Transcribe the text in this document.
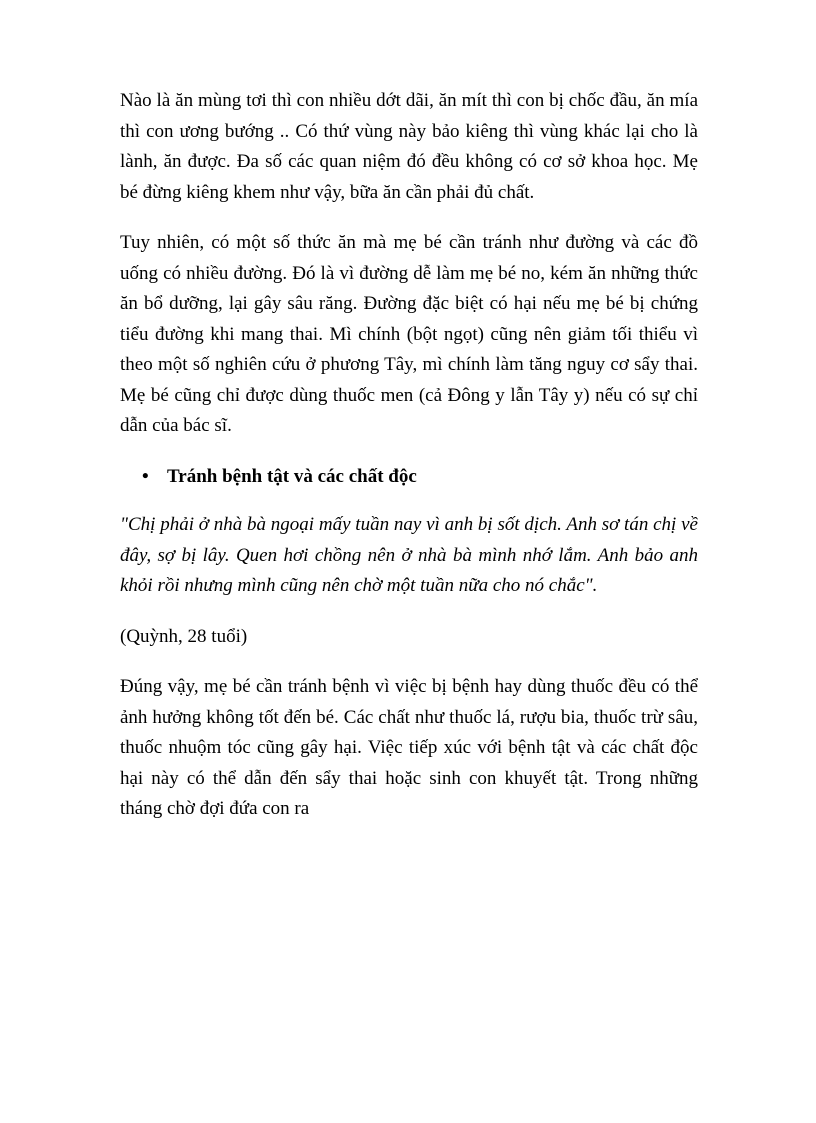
Nào là ăn mùng tơi thì con nhiều dớt dãi, ăn mít thì con bị chốc đầu, ăn mía thì con ương bướng .. Có thứ vùng này bảo kiêng thì vùng khác lại cho là lành, ăn được. Đa số các quan niệm đó đều không có cơ sở khoa học. Mẹ bé đừng kiêng khem như vậy, bữa ăn cần phải đủ chất.

Tuy nhiên, có một số thức ăn mà mẹ bé cần tránh như đường và các đồ uống có nhiều đường. Đó là vì đường dễ làm mẹ bé no, kém ăn những thức ăn bổ dưỡng, lại gây sâu răng. Đường đặc biệt có hại nếu mẹ bé bị chứng tiểu đường khi mang thai. Mì chính (bột ngọt) cũng nên giảm tối thiểu vì theo một số nghiên cứu ở phương Tây, mì chính làm tăng nguy cơ sẩy thai. Mẹ bé cũng chỉ được dùng thuốc men (cả Đông y lẫn Tây y) nếu có sự chỉ dẫn của bác sĩ.

• Tránh bệnh tật và các chất độc

"Chị phải ở nhà bà ngoại mấy tuần nay vì anh bị sốt dịch. Anh sơ tán chị về đây, sợ bị lây. Quen hơi chồng nên ở nhà bà mình nhớ lắm. Anh bảo anh khỏi rồi nhưng mình cũng nên chờ một tuần nữa cho nó chắc".

(Quỳnh, 28 tuổi)

Đúng vậy, mẹ bé cần tránh bệnh vì việc bị bệnh hay dùng thuốc đều có thể ảnh hưởng không tốt đến bé. Các chất như thuốc lá, rượu bia, thuốc trừ sâu, thuốc nhuộm tóc cũng gây hại. Việc tiếp xúc với bệnh tật và các chất độc hại này có thể dẫn đến sẩy thai hoặc sinh con khuyết tật. Trong những tháng chờ đợi đứa con ra
